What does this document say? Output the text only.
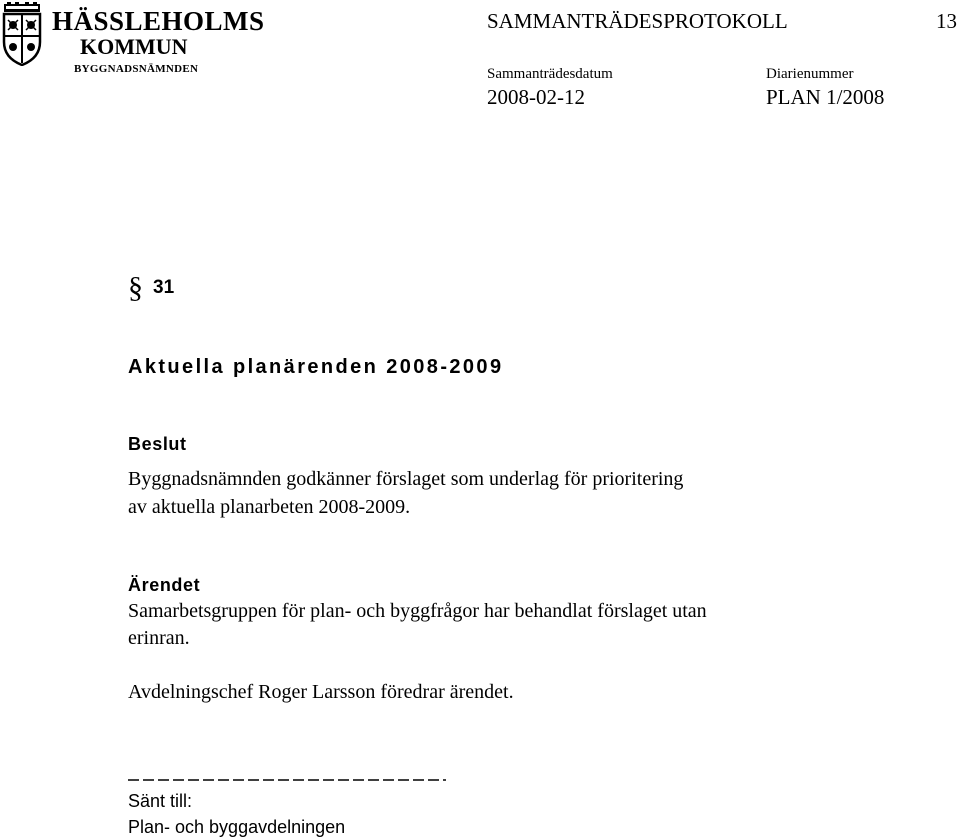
HÄSSLEHOLMS
KOMMUN
BYGGNADSNÄMNDEN
SAMMANTRÄDESPROTOKOLL	13
Sammanträdesdatum
2008-02-12
Diarienummer
PLAN 1/2008
§ 31
Aktuella planärenden 2008-2009
Beslut
Byggnadsnämnden godkänner förslaget som underlag för prioritering
av aktuella planarbeten 2008-2009.
Ärendet
Samarbetsgruppen för plan- och byggfrågor har behandlat förslaget utan
erinran.
Avdelningschef Roger Larsson föredrar ärendet.
Sänt till:
Plan- och byggavdelningen
